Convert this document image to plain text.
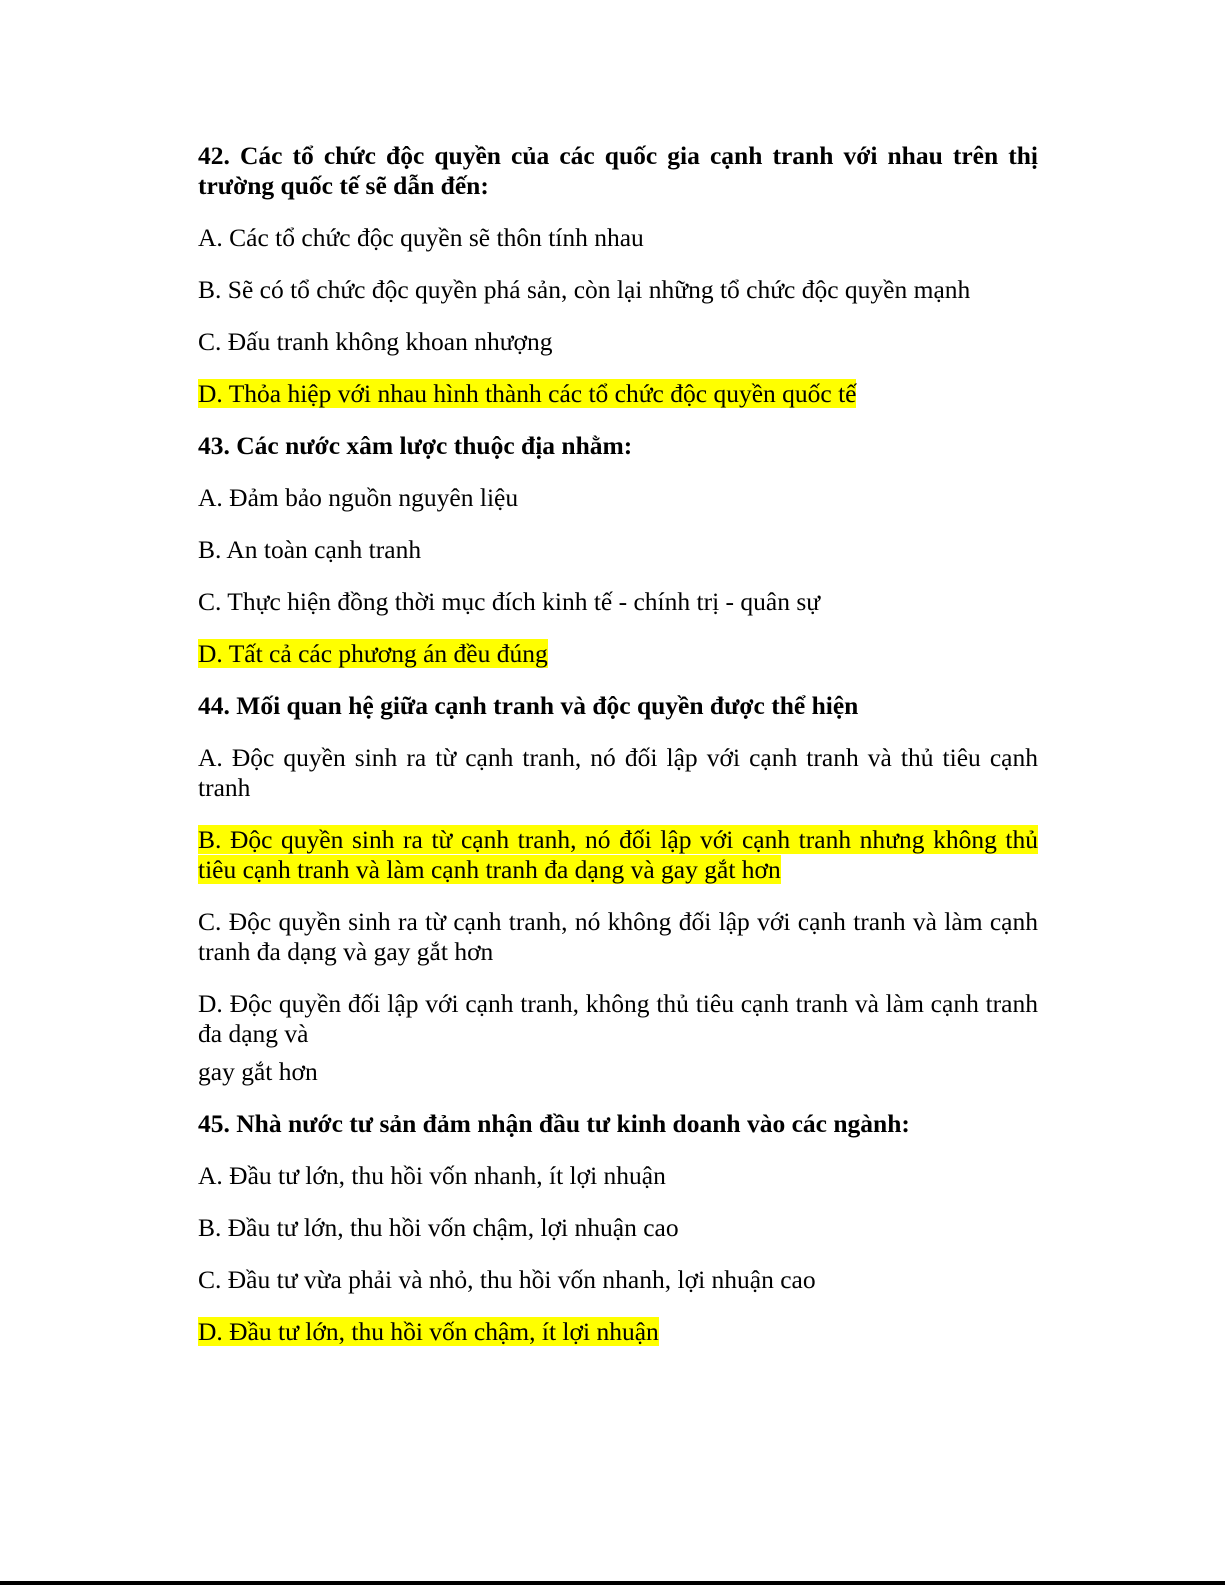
42. Các tổ chức độc quyền của các quốc gia cạnh tranh với nhau trên thị trường quốc tế sẽ dẫn đến:

A. Các tổ chức độc quyền sẽ thôn tính nhau

B. Sẽ có tổ chức độc quyền phá sản, còn lại những tổ chức độc quyền mạnh

C. Đấu tranh không khoan nhượng

D. Thỏa hiệp với nhau hình thành các tổ chức độc quyền quốc tế

43. Các nước xâm lược thuộc địa nhằm:

A. Đảm bảo nguồn nguyên liệu

B. An toàn cạnh tranh

C. Thực hiện đồng thời mục đích kinh tế - chính trị - quân sự

D. Tất cả các phương án đều đúng

44. Mối quan hệ giữa cạnh tranh và độc quyền được thể hiện

A. Độc quyền sinh ra từ cạnh tranh, nó đối lập với cạnh tranh và thủ tiêu cạnh tranh

B. Độc quyền sinh ra từ cạnh tranh, nó đối lập với cạnh tranh nhưng không thủ tiêu cạnh tranh và làm cạnh tranh đa dạng và gay gắt hơn

C. Độc quyền sinh ra từ cạnh tranh, nó không đối lập với cạnh tranh và làm cạnh tranh đa dạng và gay gắt hơn

D. Độc quyền đối lập với cạnh tranh, không thủ tiêu cạnh tranh và làm cạnh tranh đa dạng và

gay gắt hơn

45. Nhà nước tư sản đảm nhận đầu tư kinh doanh vào các ngành:

A. Đầu tư lớn, thu hồi vốn nhanh, ít lợi nhuận

B. Đầu tư lớn, thu hồi vốn chậm, lợi nhuận cao

C. Đầu tư vừa phải và nhỏ, thu hồi vốn nhanh, lợi nhuận cao

D. Đầu tư lớn, thu hồi vốn chậm, ít lợi nhuận
